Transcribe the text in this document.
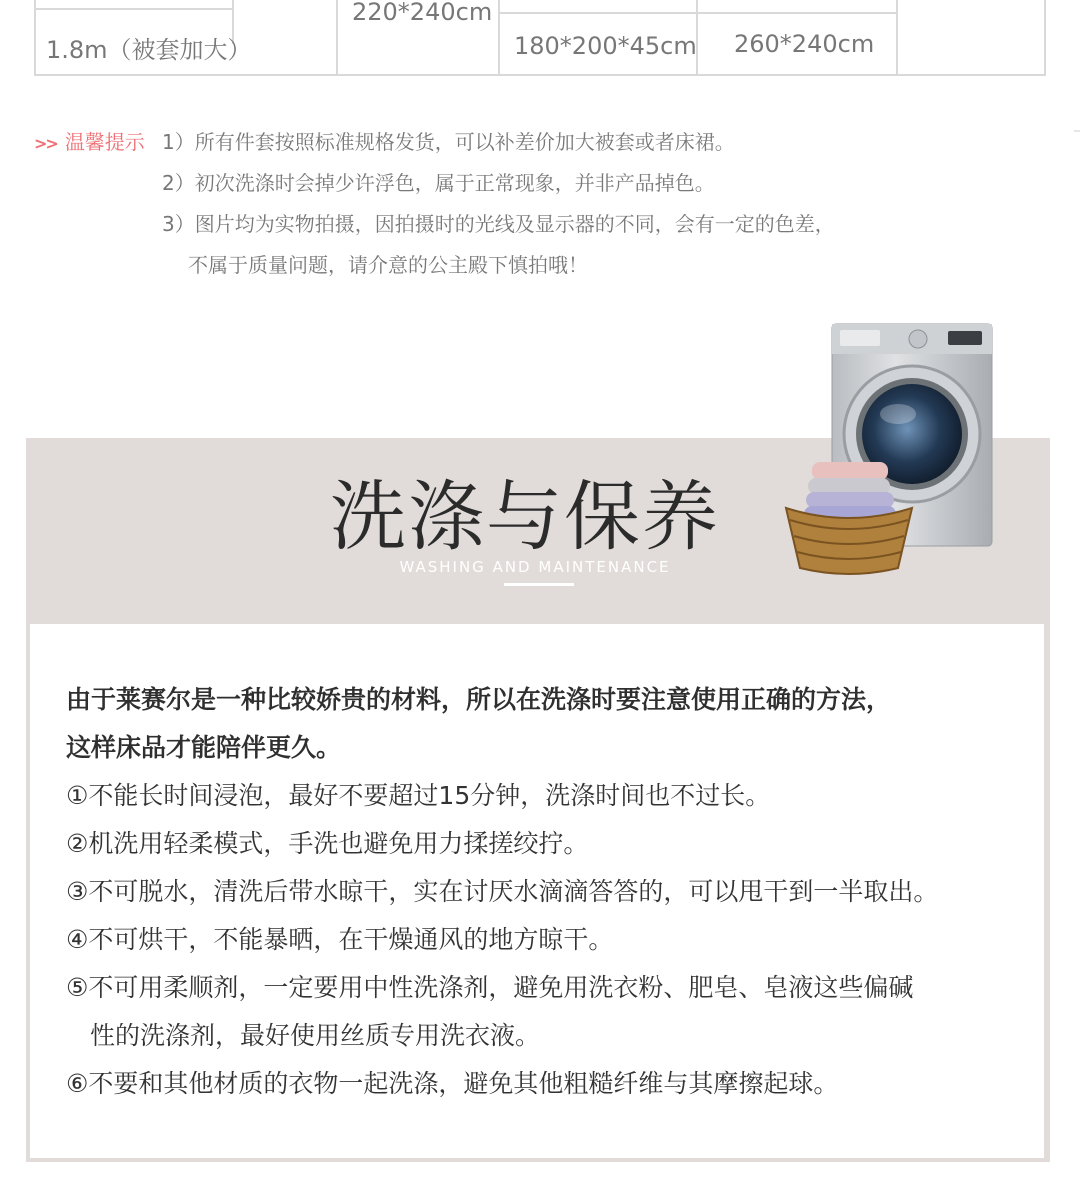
1.8m（被套加大）
220*240cm
180*200*45cm 260*240cm
>> 温馨提示 1）所有件套按照标准规格发货，可以补差价加大被套或者床裙。
2）初次洗涤时会掉少许浮色，属于正常现象，并非产品掉色。
3）图片均为实物拍摄，因拍摄时的光线及显示器的不同，会有一定的色差，
不属于质量问题，请介意的公主殿下慎拍哦！
洗涤与保养
WASHING AND MAINTENANCE
由于莱赛尔是一种比较娇贵的材料，所以在洗涤时要注意使用正确的方法，
这样床品才能陪伴更久。
①不能长时间浸泡，最好不要超过15分钟，洗涤时间也不过长。
②机洗用轻柔模式，手洗也避免用力揉搓绞拧。
③不可脱水，清洗后带水晾干，实在讨厌水滴滴答答的，可以甩干到一半取出。
④不可烘干，不能暴晒，在干燥通风的地方晾干。
⑤不可用柔顺剂，一定要用中性洗涤剂，避免用洗衣粉、肥皂、皂液这些偏碱
性的洗涤剂，最好使用丝质专用洗衣液。
⑥不要和其他材质的衣物一起洗涤，避免其他粗糙纤维与其摩擦起球。
